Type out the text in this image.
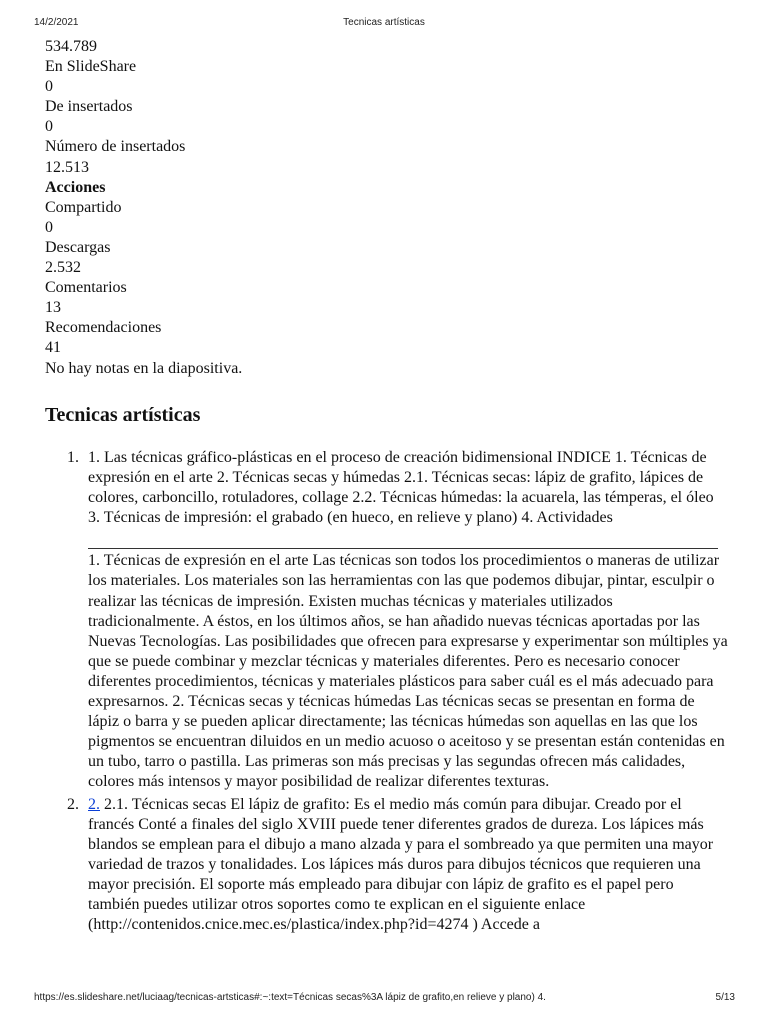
14/2/2021	Tecnicas artísticas
534.789
En SlideShare
0
De insertados
0
Número de insertados
12.513
Acciones
Compartido
0
Descargas
2.532
Comentarios
13
Recomendaciones
41
No hay notas en la diapositiva.
Tecnicas artísticas
1. 1. Las técnicas gráfico-plásticas en el proceso de creación bidimensional INDICE 1. Técnicas de expresión en el arte 2. Técnicas secas y húmedas 2.1. Técnicas secas: lápiz de grafito, lápices de colores, carboncillo, rotuladores, collage 2.2. Técnicas húmedas: la acuarela, las témperas, el óleo 3. Técnicas de impresión: el grabado (en hueco, en relieve y plano) 4. Actividades

1. Técnicas de expresión en el arte Las técnicas son todos los procedimientos o maneras de utilizar los materiales. Los materiales son las herramientas con las que podemos dibujar, pintar, esculpir o realizar las técnicas de impresión. Existen muchas técnicas y materiales utilizados tradicionalmente. A éstos, en los últimos años, se han añadido nuevas técnicas aportadas por las Nuevas Tecnologías. Las posibilidades que ofrecen para expresarse y experimentar son múltiples ya que se puede combinar y mezclar técnicas y materiales diferentes. Pero es necesario conocer diferentes procedimientos, técnicas y materiales plásticos para saber cuál es el más adecuado para expresarnos. 2. Técnicas secas y técnicas húmedas Las técnicas secas se presentan en forma de lápiz o barra y se pueden aplicar directamente; las técnicas húmedas son aquellas en las que los pigmentos se encuentran diluidos en un medio acuoso o aceitoso y se presentan están contenidas en un tubo, tarro o pastilla. Las primeras son más precisas y las segundas ofrecen más calidades, colores más intensos y mayor posibilidad de realizar diferentes texturas.

2. 2. 2.1. Técnicas secas El lápiz de grafito: Es el medio más común para dibujar. Creado por el francés Conté a finales del siglo XVIII puede tener diferentes grados de dureza. Los lápices más blandos se emplean para el dibujo a mano alzada y para el sombreado ya que permiten una mayor variedad de trazos y tonalidades. Los lápices más duros para dibujos técnicos que requieren una mayor precisión. El soporte más empleado para dibujar con lápiz de grafito es el papel pero también puedes utilizar otros soportes como te explican en el siguiente enlace (http://contenidos.cnice.mec.es/plastica/index.php?id=4274 ) Accede a

https://es.slideshare.net/luciaag/tecnicas-artsticas#:~:text=Técnicas secas%3A lápiz de grafito,en relieve y plano) 4.	5/13
